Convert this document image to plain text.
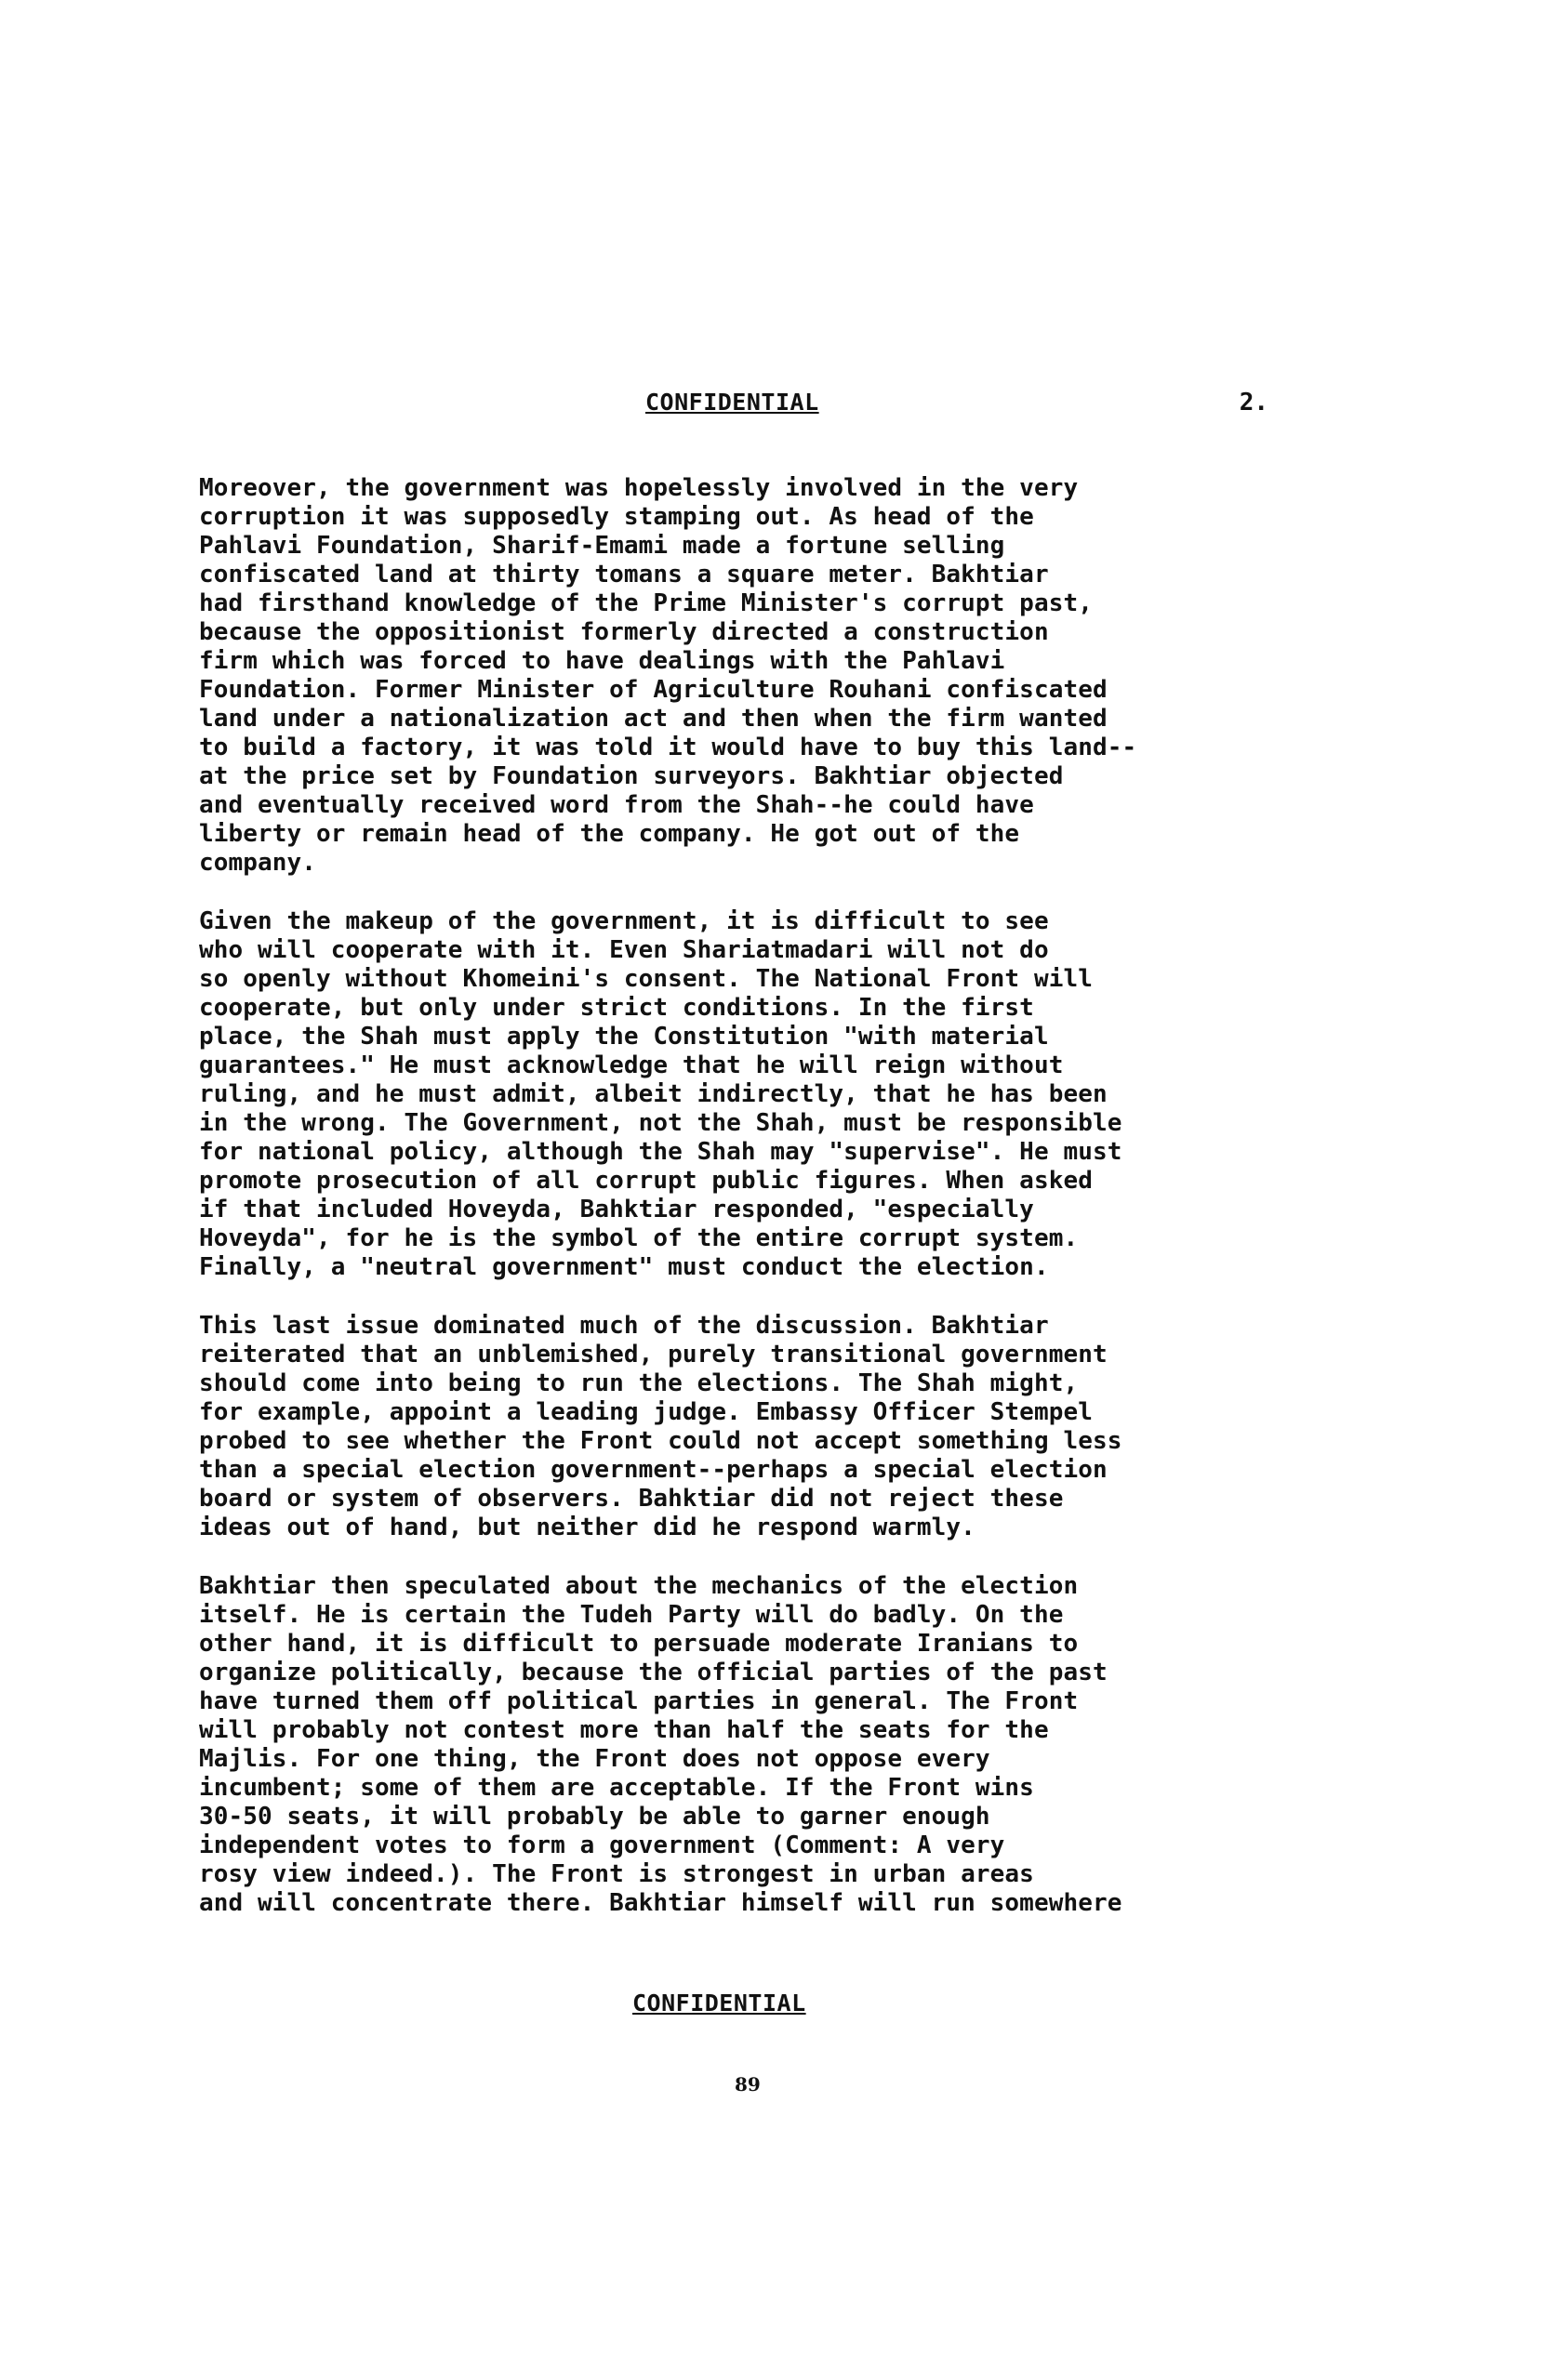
CONFIDENTIAL	2.

Moreover, the government was hopelessly involved in the very
corruption it was supposedly stamping out. As head of the
Pahlavi Foundation, Sharif-Emami made a fortune selling
confiscated land at thirty tomans a square meter. Bakhtiar
had firsthand knowledge of the Prime Minister's corrupt past,
because the oppositionist formerly directed a construction
firm which was forced to have dealings with the Pahlavi
Foundation. Former Minister of Agriculture Rouhani confiscated
land under a nationalization act and then when the firm wanted
to build a factory, it was told it would have to buy this land--
at the price set by Foundation surveyors. Bakhtiar objected
and eventually received word from the Shah--he could have
liberty or remain head of the company. He got out of the
company.

Given the makeup of the government, it is difficult to see
who will cooperate with it. Even Shariatmadari will not do
so openly without Khomeini's consent. The National Front will
cooperate, but only under strict conditions. In the first
place, the Shah must apply the Constitution "with material
guarantees." He must acknowledge that he will reign without
ruling, and he must admit, albeit indirectly, that he has been
in the wrong. The Government, not the Shah, must be responsible
for national policy, although the Shah may "supervise". He must
promote prosecution of all corrupt public figures. When asked
if that included Hoveyda, Bahktiar responded, "especially
Hoveyda", for he is the symbol of the entire corrupt system.
Finally, a "neutral government" must conduct the election.

This last issue dominated much of the discussion. Bakhtiar
reiterated that an unblemished, purely transitional government
should come into being to run the elections. The Shah might,
for example, appoint a leading judge. Embassy Officer Stempel
probed to see whether the Front could not accept something less
than a special election government--perhaps a special election
board or system of observers. Bahktiar did not reject these
ideas out of hand, but neither did he respond warmly.

Bakhtiar then speculated about the mechanics of the election
itself. He is certain the Tudeh Party will do badly. On the
other hand, it is difficult to persuade moderate Iranians to
organize politically, because the official parties of the past
have turned them off political parties in general. The Front
will probably not contest more than half the seats for the
Majlis. For one thing, the Front does not oppose every
incumbent; some of them are acceptable. If the Front wins
30-50 seats, it will probably be able to garner enough
independent votes to form a government (Comment: A very
rosy view indeed.). The Front is strongest in urban areas
and will concentrate there. Bakhtiar himself will run somewhere

CONFIDENTIAL
89
